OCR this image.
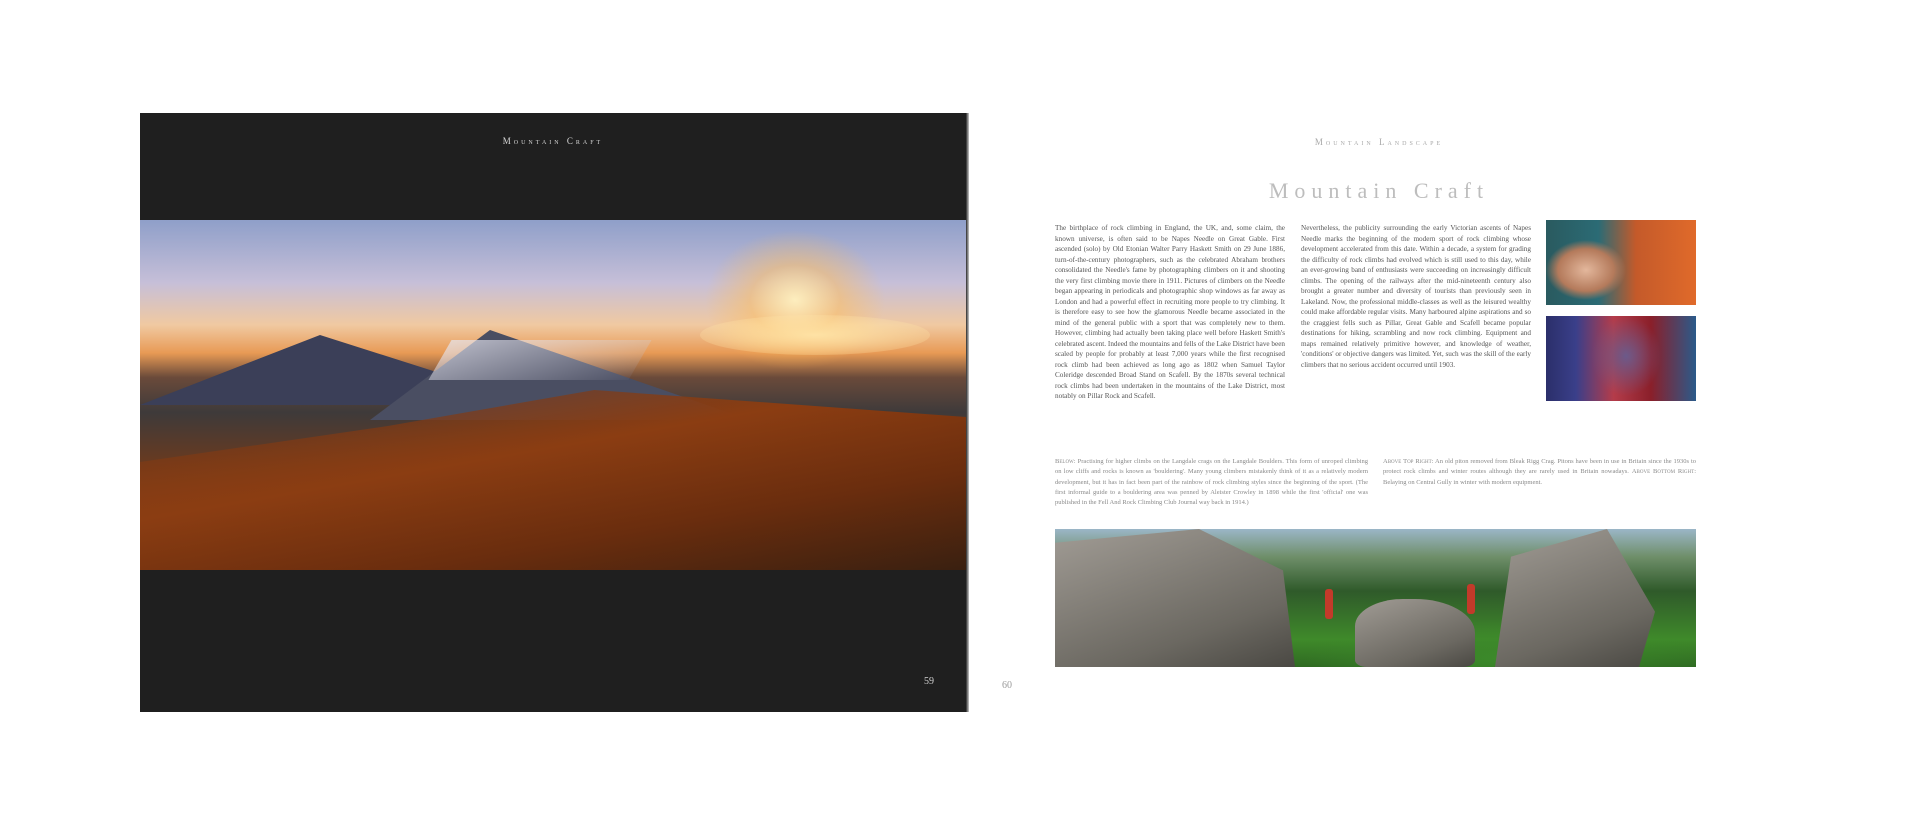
Mountain Craft
59	60
Mountain Landscape
Mountain Craft

The birthplace of rock climbing in England, the UK, and, some claim, the known universe, is often said to be Napes Needle on Great Gable. First ascended (solo) by Old Etonian Walter Parry Haskett Smith on 29 June 1886, turn-of-the-century photographers, such as the celebrated Abraham brothers consolidated the Needle's fame by photographing climbers on it and shooting the very first climbing movie there in 1911. Pictures of climbers on the Needle began appearing in periodicals and photographic shop windows as far away as London and had a powerful effect in recruiting more people to try climbing. It is therefore easy to see how the glamorous Needle became associated in the mind of the general public with a sport that was completely new to them. However, climbing had actually been taking place well before Haskett Smith's celebrated ascent. Indeed the mountains and fells of the Lake District have been scaled by people for probably at least 7,000 years while the first recognised rock climb had been achieved as long ago as 1802 when Samuel Taylor Coleridge descended Broad Stand on Scafell. By the 1870s several technical rock climbs had been undertaken in the mountains of the Lake District, most notably on Pillar Rock and Scafell.

Nevertheless, the publicity surrounding the early Victorian ascents of Napes Needle marks the beginning of the modern sport of rock climbing whose development accelerated from this date. Within a decade, a system for grading the difficulty of rock climbs had evolved which is still used to this day, while an ever-growing band of enthusiasts were succeeding on increasingly difficult climbs. The opening of the railways after the mid-nineteenth century also brought a greater number and diversity of tourists than previously seen in Lakeland. Now, the professional middle-classes as well as the leisured wealthy could make affordable regular visits. Many harboured alpine aspirations and so the craggiest fells such as Pillar, Great Gable and Scafell became popular destinations for hiking, scrambling and now rock climbing. Equipment and maps remained relatively primitive however, and knowledge of weather, 'conditions' or objective dangers was limited. Yet, such was the skill of the early climbers that no serious accident occurred until 1903.

Below: Practising for higher climbs on the Langdale crags on the Langdale Boulders. This form of unroped climbing on low cliffs and rocks is known as 'bouldering'. Many young climbers mistakenly think of it as a relatively modern development, but it has in fact been part of the rainbow of rock climbing styles since the beginning of the sport. (The first informal guide to a bouldering area was penned by Aleister Crowley in 1898 while the first 'official' one was published in the Fell And Rock Climbing Club Journal way back in 1914.)

Above Top Right: An old piton removed from Bleak Rigg Crag. Pitons have been in use in Britain since the 1930s to protect rock climbs and winter routes although they are rarely used in Britain nowadays. Above Bottom Right: Belaying on Central Gully in winter with modern equipment.
